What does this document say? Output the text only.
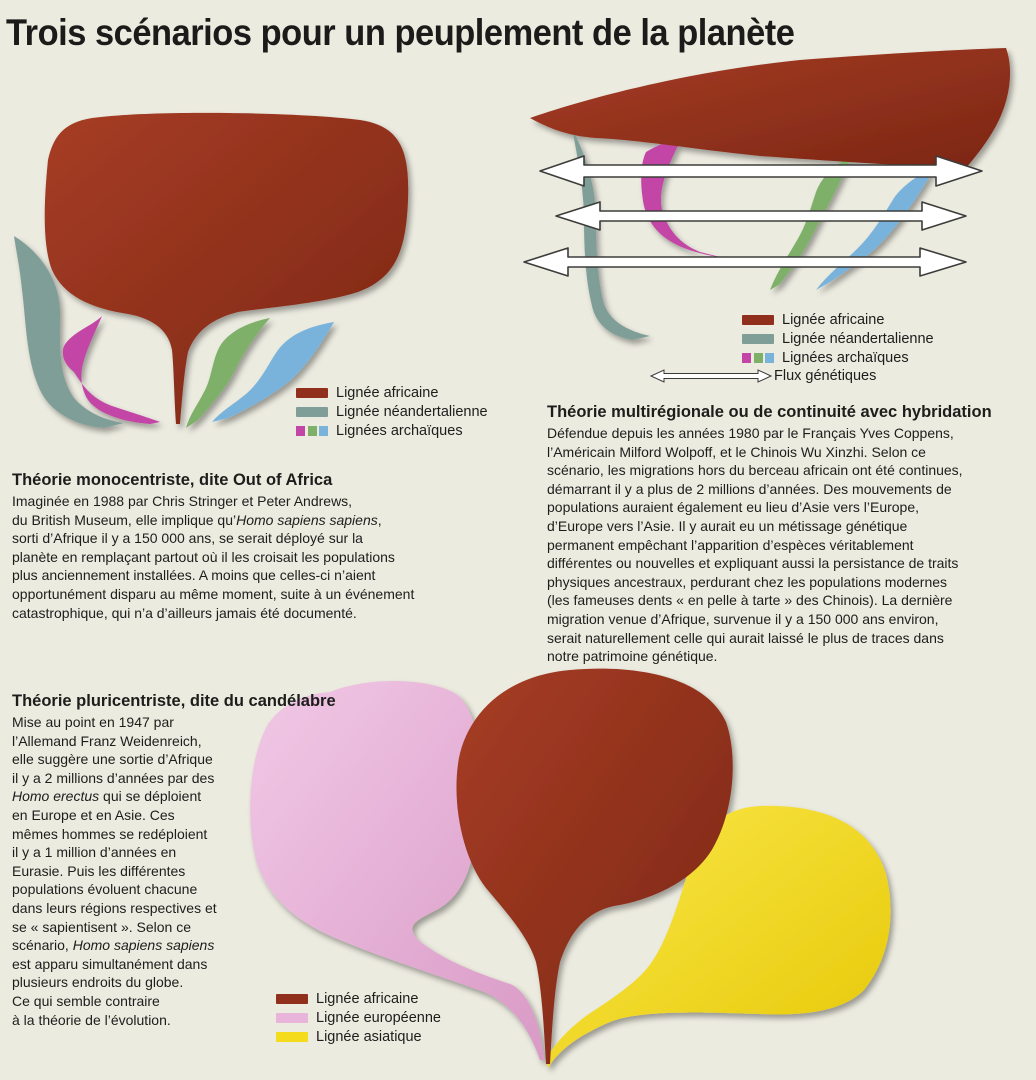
Trois scénarios pour un peuplement de la planète
Lignée africaine
Lignée néandertalienne
Lignées archaïques
Lignée africaine
Lignée néandertalienne
Lignées archaïques
Flux génétiques
Lignée africaine
Lignée européenne
Lignée asiatique
Théorie monocentriste, dite Out of Africa

Imaginée en 1988 par Chris Stringer et Peter Andrews,
du British Museum, elle implique qu’Homo sapiens sapiens,
sorti d’Afrique il y a 150 000 ans, se serait déployé sur la
planète en remplaçant partout où il les croisait les populations
plus anciennement installées. A moins que celles-ci n’aient
opportunément disparu au même moment, suite à un événement
catastrophique, qui n’a d’ailleurs jamais été documenté.

Théorie multirégionale ou de continuité avec hybridation

Défendue depuis les années 1980 par le Français Yves Coppens,
l’Américain Milford Wolpoff, et le Chinois Wu Xinzhi. Selon ce
scénario, les migrations hors du berceau africain ont été continues,
démarrant il y a plus de 2 millions d’années. Des mouvements de
populations auraient également eu lieu d’Asie vers l’Europe,
d’Europe vers l’Asie. Il y aurait eu un métissage génétique
permanent empêchant l’apparition d’espèces véritablement
différentes ou nouvelles et expliquant aussi la persistance de traits
physiques ancestraux, perdurant chez les populations modernes
(les fameuses dents « en pelle à tarte » des Chinois). La dernière
migration venue d’Afrique, survenue il y a 150 000 ans environ,
serait naturellement celle qui aurait laissé le plus de traces dans
notre patrimoine génétique.

Théorie pluricentriste, dite du candélabre

Mise au point en 1947 par
l’Allemand Franz Weidenreich,
elle suggère une sortie d’Afrique
il y a 2 millions d’années par des
Homo erectus qui se déploient
en Europe et en Asie. Ces
mêmes hommes se redéploient
il y a 1 million d’années en
Eurasie. Puis les différentes
populations évoluent chacune
dans leurs régions respectives et
se « sapientisent ». Selon ce
scénario, Homo sapiens sapiens
est apparu simultanément dans
plusieurs endroits du globe.
Ce qui semble contraire
à la théorie de l’évolution.
